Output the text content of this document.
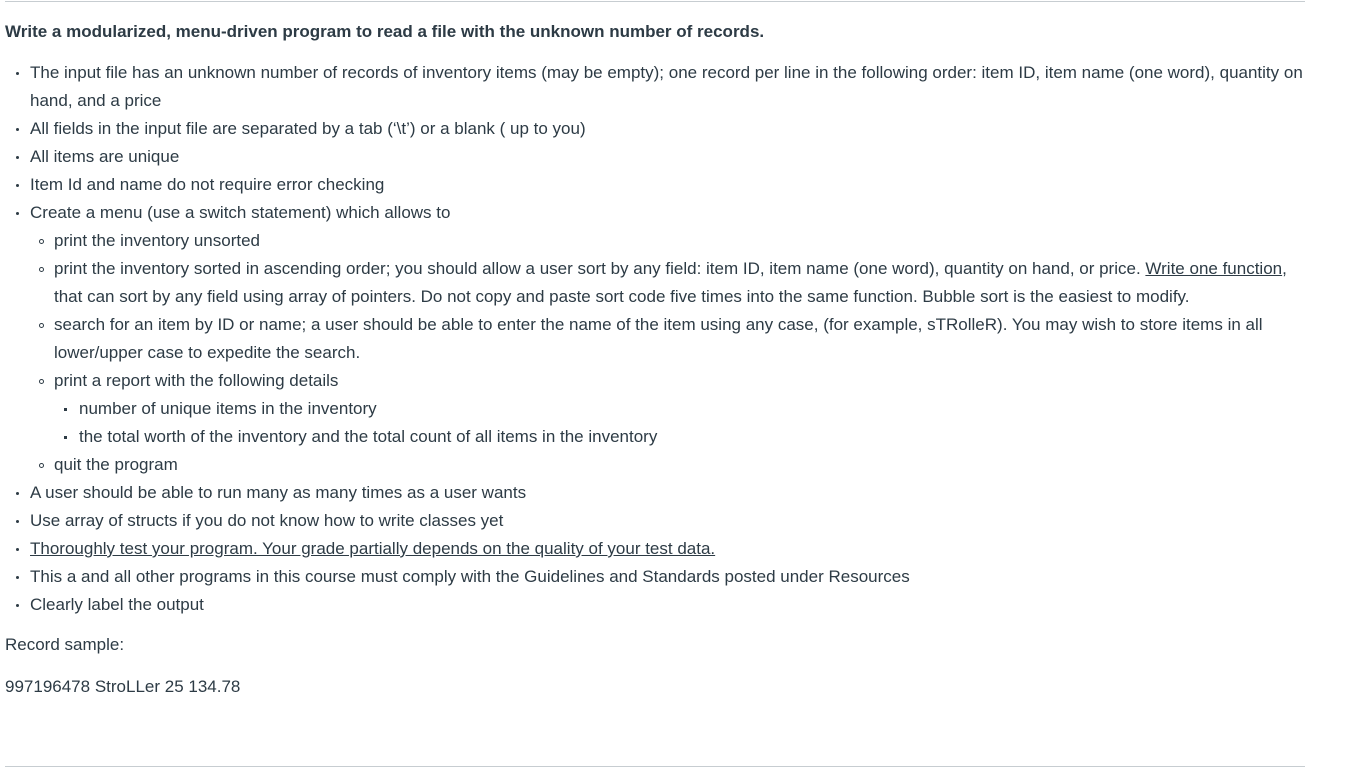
Write a modularized, menu-driven program to read a file with the unknown number of records.
The input file has an unknown number of records of inventory items (may be empty); one record per line in the following order: item ID, item name (one word), quantity on hand, and a price
All fields in the input file are separated by a tab (‘\t’) or a blank ( up to you)
All items are unique
Item Id and name do not require error checking
Create a menu (use a switch statement) which allows to
print the inventory unsorted
print the inventory sorted in ascending order; you should allow a user sort by any field: item ID, item name (one word), quantity on hand, or price. Write one function, that can sort by any field using array of pointers. Do not copy and paste sort code five times into the same function. Bubble sort is the easiest to modify.
search for an item by ID or name; a user should be able to enter the name of the item using any case, (for example, sTRolleR). You may wish to store items in all lower/upper case to expedite the search.
print a report with the following details
number of unique items in the inventory
the total worth of the inventory and the total count of all items in the inventory
quit the program
A user should be able to run many as many times as a user wants
Use array of structs if you do not know how to write classes yet
Thoroughly test your program. Your grade partially depends on the quality of your test data.
This a and all other programs in this course must comply with the Guidelines and Standards posted under Resources
Clearly label the output

Record sample:

997196478 StroLLer 25 134.78
